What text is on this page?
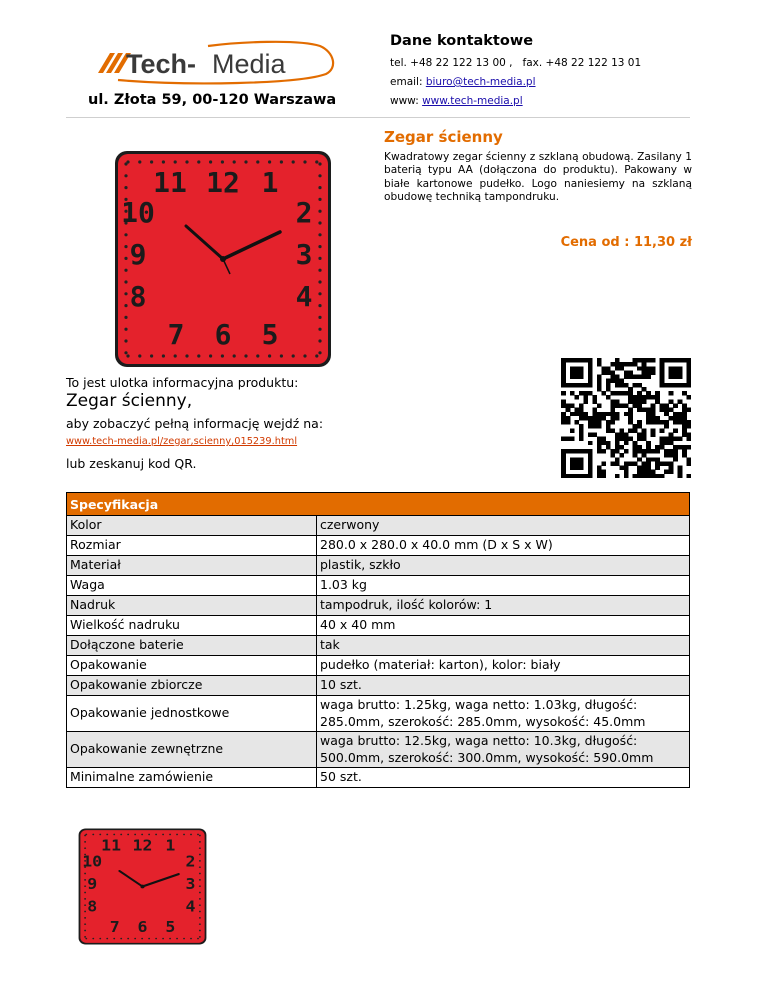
Tech- Media
ul. Złota 59, 00-120 Warszawa
Dane kontaktowe
tel. +48 22 122 13 00 , fax. +48 22 122 13 01
email: biuro@tech-media.pl
www: www.tech-media.pl
11 12 1
10	2
9	3
8	4
7 6 5
Zegar ścienny
Kwadratowy zegar ścienny z szklaną obudową. Zasilany 1 baterią typu AA (dołączona do produktu). Pakowany w białe kartonowe pudełko. Logo naniesiemy na szklaną obudowę techniką tampondruku.
Cena od : 11,30 zł
To jest ulotka informacyjna produktu:
Zegar ścienny,
aby zobaczyć pełną informację wejdź na:
www.tech-media.pl/zegar,scienny,015239.html
lub zeskanuj kod QR.
Specyfikacja	
Kolor	czerwony
Rozmiar	280.0 x 280.0 x 40.0 mm (D x S x W)
Materiał	plastik, szkło
Waga	1.03 kg
Nadruk	tampodruk, ilość kolorów: 1
Wielkość nadruku	40 x 40 mm
Dołączone baterie	tak
Opakowanie	pudełko (materiał: karton), kolor: biały
Opakowanie zbiorcze	10 szt.
Opakowanie jednostkowe	waga brutto: 1.25kg, waga netto: 1.03kg, długość: 285.0mm, szerokość: 285.0mm, wysokość: 45.0mm
Opakowanie zewnętrzne	waga brutto: 12.5kg, waga netto: 10.3kg, długość: 500.0mm, szerokość: 300.0mm, wysokość: 590.0mm
Minimalne zamówienie	50 szt.
11 12 1
10	2
9	3
8	4
7 6 5
